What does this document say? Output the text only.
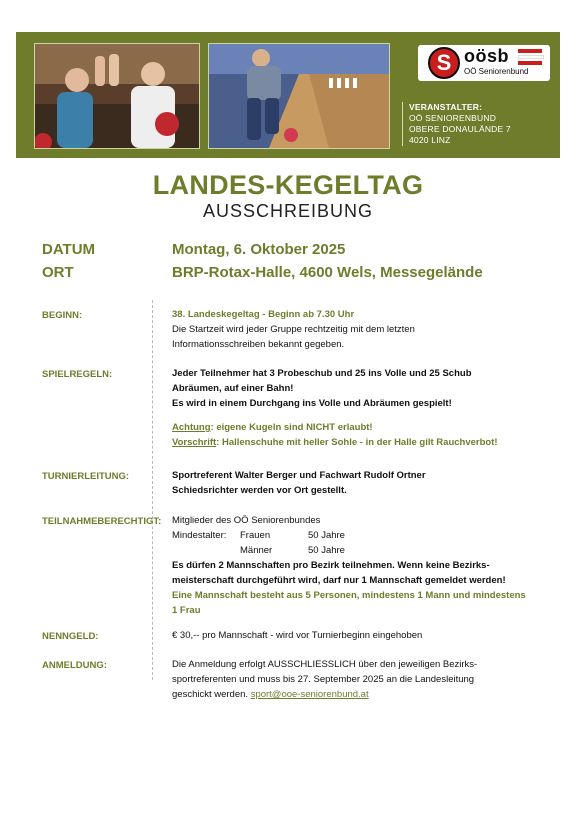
S oösb
OÖ Seniorenbund
VERANSTALTER:
OÖ SENIORENBUND
OBERE DONAULÄNDE 7
4020 LINZ
LANDES-KEGELTAG
AUSSCHREIBUNG
DATUM	Montag, 6. Oktober 2025
ORT	BRP-Rotax-Halle, 4600 Wels, Messegelände
BEGINN:	38. Landeskegeltag - Beginn ab 7.30 Uhr
Die Startzeit wird jeder Gruppe rechtzeitig mit dem letzten
Informationsschreiben bekannt gegeben.
SPIELREGELN:	Jeder Teilnehmer hat 3 Probeschub und 25 ins Volle und 25 Schub
Abräumen, auf einer Bahn!
Es wird in einem Durchgang ins Volle und Abräumen gespielt!
Achtung: eigene Kugeln sind NICHT erlaubt!
Vorschrift: Hallenschuhe mit heller Sohle - in der Halle gilt Rauchverbot!
TURNIERLEITUNG:	Sportreferent Walter Berger und Fachwart Rudolf Ortner
Schiedsrichter werden vor Ort gestellt.
TEILNAHMEBERECHTIGT: Mitglieder des OÖ Seniorenbundes
Mindestalter:	Frauen	50 Jahre
Männer	50 Jahre
Es dürfen 2 Mannschaften pro Bezirk teilnehmen. Wenn keine Bezirks-
meisterschaft durchgeführt wird, darf nur 1 Mannschaft gemeldet werden!
Eine Mannschaft besteht aus 5 Personen, mindestens 1 Mann und mindestens
1 Frau
NENNGELD:	€ 30,-- pro Mannschaft - wird vor Turnierbeginn eingehoben
ANMELDUNG:	Die Anmeldung erfolgt AUSSCHLIESSLICH über den jeweiligen Bezirks-
sportreferenten und muss bis 27. September 2025 an die Landesleitung
geschickt werden. sport@ooe-seniorenbund.at
